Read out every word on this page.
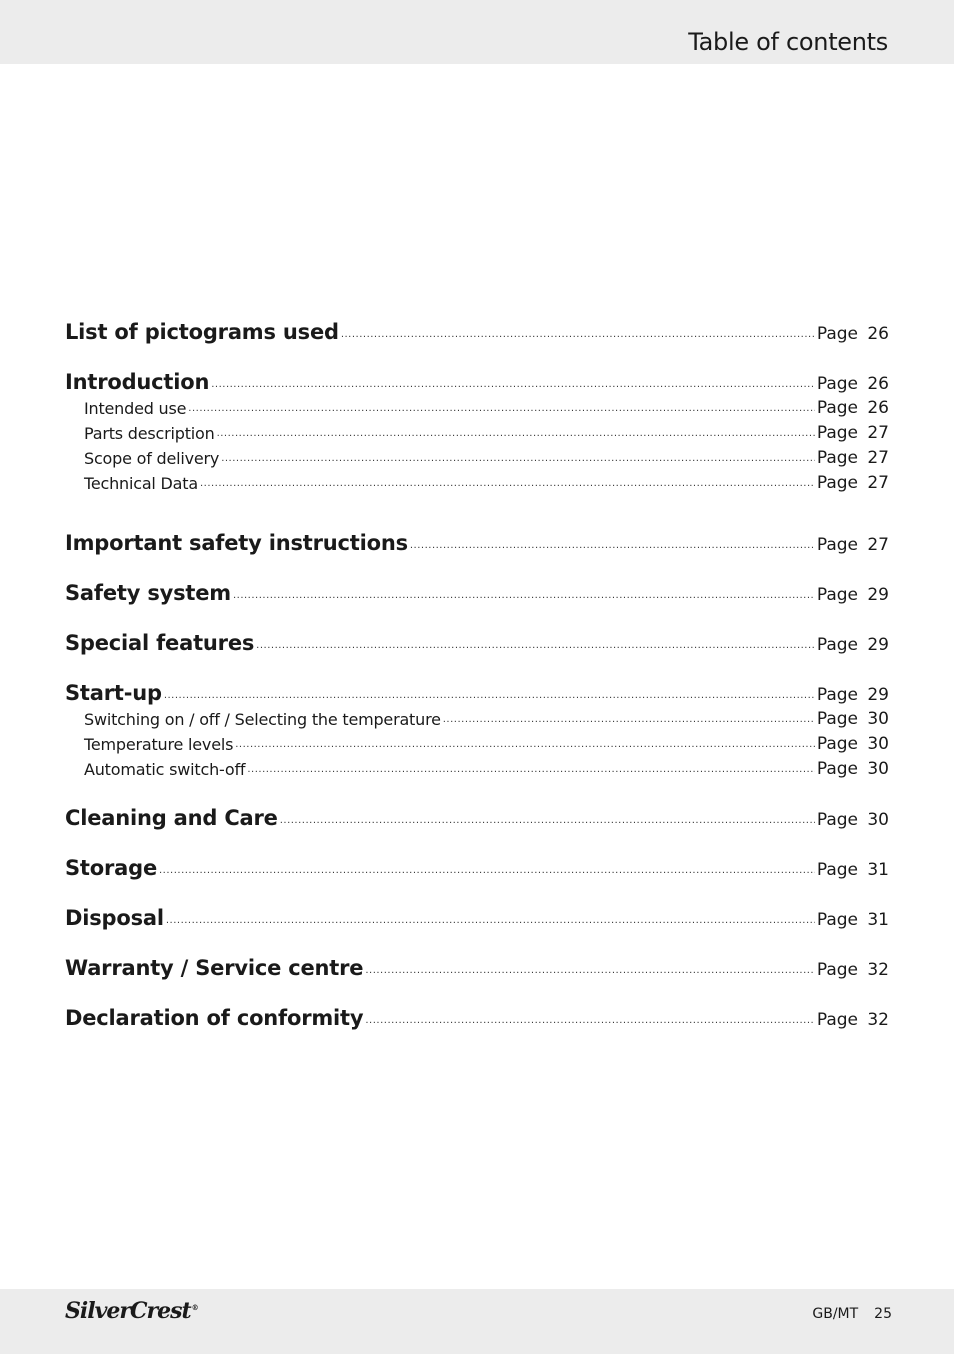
Table of contents
List of pictograms used .....	Page 26
Introduction .....	Page 26
Intended use .....	Page 26
Parts description .....	Page 27
Scope of delivery .....	Page 27
Technical Data .....	Page 27
Important safety instructions .....	Page 27
Safety system .....	Page 29
Special features .....	Page 29
Start-up .....	Page 29
Switching on / off / Selecting the temperature .....	Page 30
Temperature levels .....	Page 30
Automatic switch-off .....	Page 30
Cleaning and Care .....	Page 30
Storage .....	Page 31
Disposal .....	Page 31
Warranty / Service centre .....	Page 32
Declaration of conformity .....	Page 32
SilverCrest®	GB/MT 25
